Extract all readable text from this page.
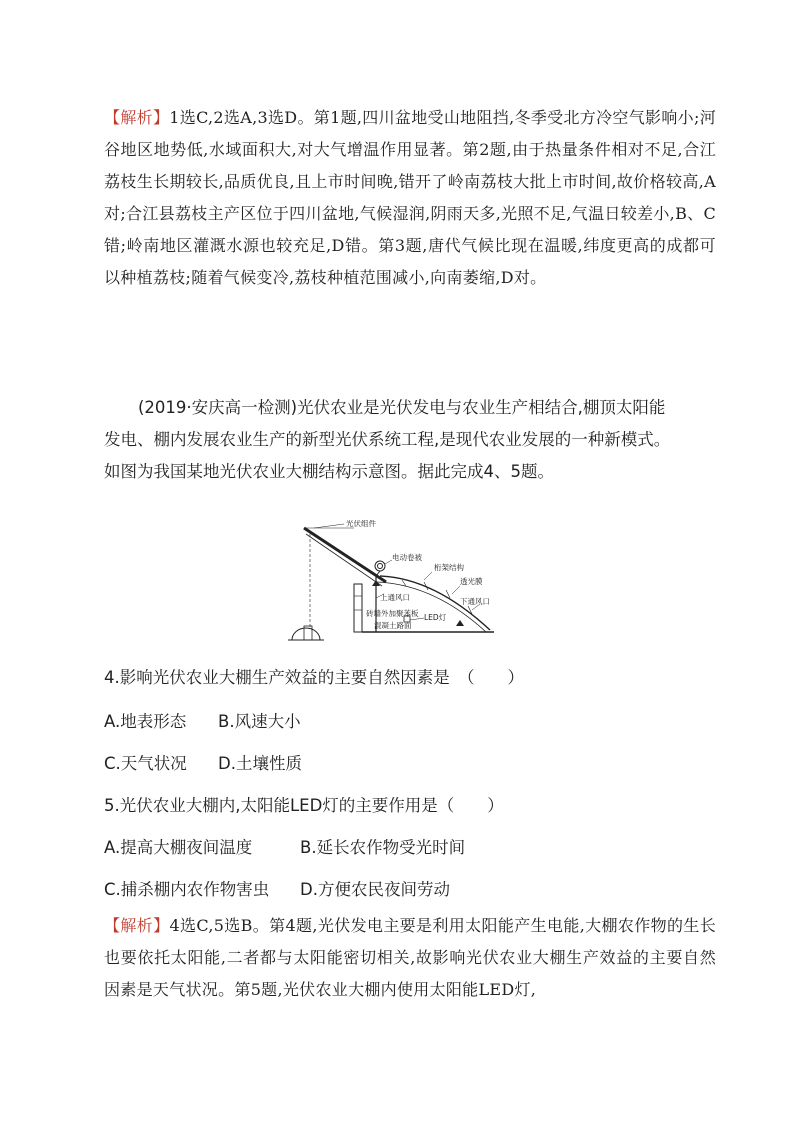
【解析】1选C,2选A,3选D。第1题,四川盆地受山地阻挡,冬季受北方冷空气影响小;河谷地区地势低,水域面积大,对大气增温作用显著。第2题,由于热量条件相对不足,合江荔枝生长期较长,品质优良,且上市时间晚,错开了岭南荔枝大批上市时间,故价格较高,A对;合江县荔枝主产区位于四川盆地,气候湿润,阴雨天多,光照不足,气温日较差小,B、C错;岭南地区灌溉水源也较充足,D错。第3题,唐代气候比现在温暖,纬度更高的成都可以种植荔枝;随着气候变冷,荔枝种植范围减小,向南萎缩,D对。
(2019·安庆高一检测)光伏农业是光伏发电与农业生产相结合,棚顶太阳能
发电、棚内发展农业生产的新型光伏系统工程,是现代农业发展的一种新模式。
如图为我国某地光伏农业大棚结构示意图。据此完成4、5题。
光伏组件
电动卷被
桁架结构
透光膜
上通风口	下通风口
砖墙外加聚苯板 LED灯
混凝土路面
4.影响光伏农业大棚生产效益的主要自然因素是　（　　）
A.地表形态 B.风速大小
C.天气状况 D.土壤性质
5.光伏农业大棚内,太阳能LED灯的主要作用是（　　）
A.提高大棚夜间温度	B.延长农作物受光时间
C.捕杀棚内农作物害虫 D.方便农民夜间劳动
【解析】4选C,5选B。第4题,光伏发电主要是利用太阳能产生电能,大棚农作物的生长也要依托太阳能,二者都与太阳能密切相关,故影响光伏农业大棚生产效益的主要自然因素是天气状况。第5题,光伏农业大棚内使用太阳能LED灯,
